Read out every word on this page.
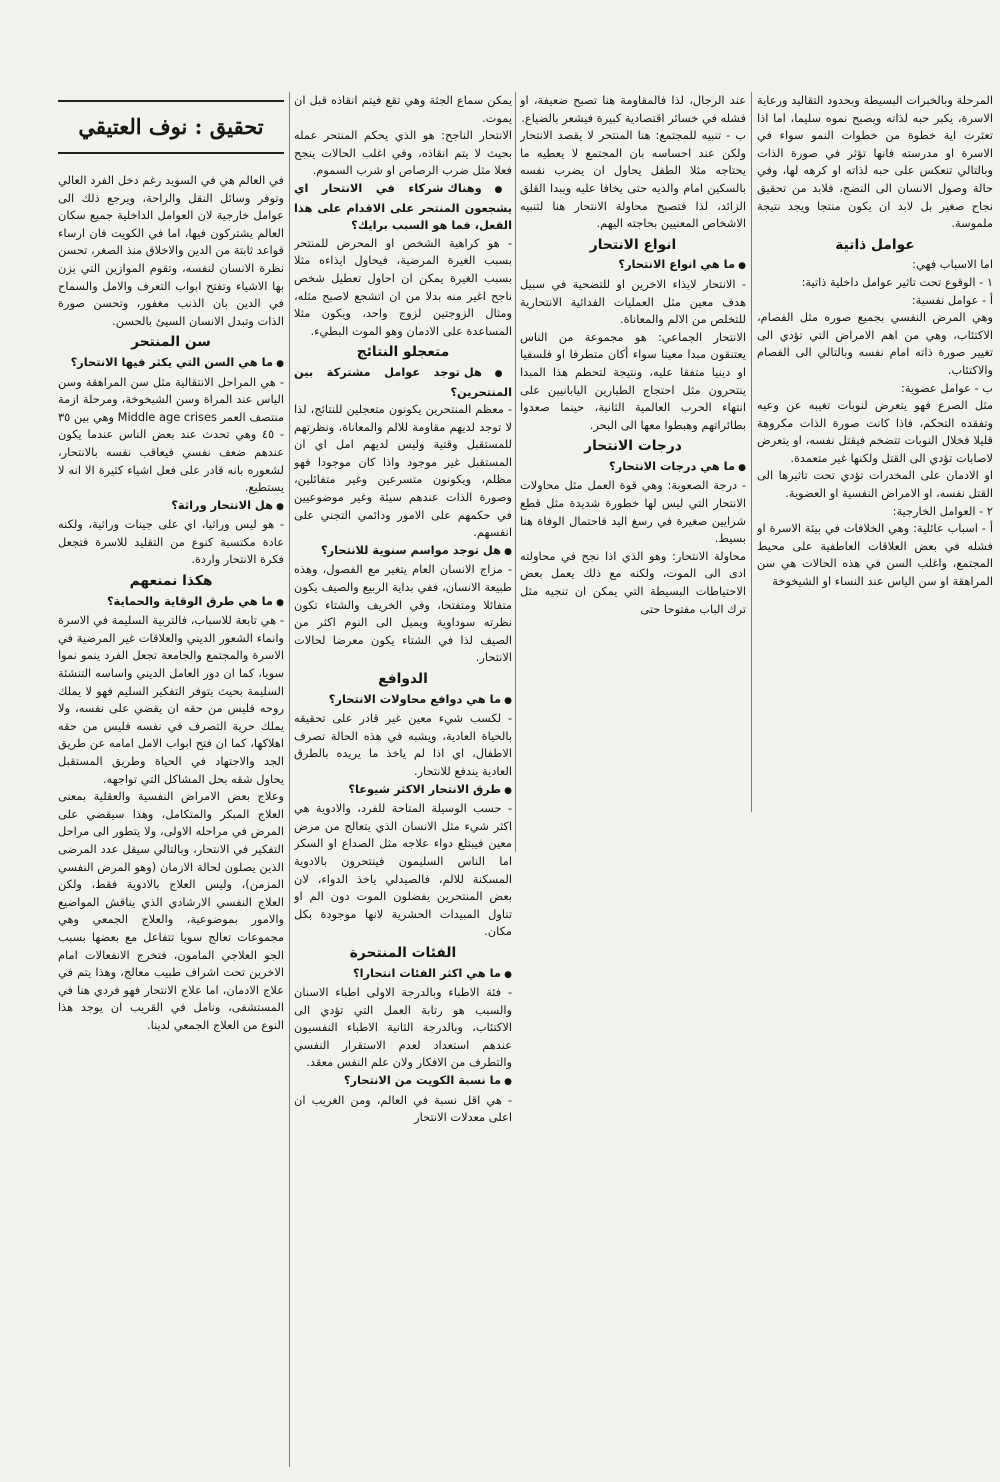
المرحلة وبالخبرات البسيطة وبحدود التقاليد ورعاية الاسرة، يكبر حبه لذاته ويصبح نموه سليما، اما اذا تعثرت اية خطوة من خطوات النمو سواء في الاسرة او مدرسته فانها تؤثر في صورة الذات وبالتالي تنعكس على حبه لذاته او كرهه لها، وفي حالة وصول الانسان الى النضج، فلابد من تحقيق نجاح صغير بل لابد ان يكون منتجا ويجد نتيجة ملموسة.

عوامل ذاتية

اما الاسباب فهي:

١ - الوقوع تحت تاثير عوامل داخلية ذاتية:

أ - عوامل نفسية:

وهي المرض النفسي بجميع صوره مثل الفصام، الاكتئاب، وهي من اهم الامراض التي تؤدي الى تغيير صورة ذاته امام نفسه وبالتالي الى الفصام والاكتئاب.

ب - عوامل عضوية:

مثل الصرع فهو يتعرض لنوبات تغيبه عن وعيه وتفقده التحكم، فاذا كانت صورة الذات مكروهة قليلا فخلال النوبات تتضخم فيقتل نفسه، او يتعرض لاصابات تؤدي الى القتل ولكنها غير متعمدة.

او الادمان على المخدرات تؤدي تحت تاثيرها الى القتل نفسه، او الامراض النفسية او العضوية.

٢ - العوامل الخارجية:

أ - اسباب عائلية: وهي الخلافات في بيئة الاسرة او فشله في بعض العلاقات العاطفية على محيط المجتمع، واغلب السن في هذه الحالات هي سن المراهقة او سن الياس عند النساء او الشيخوخة

عند الرجال، لذا فالمقاومة هنا تصبح ضعيفة، او فشله في خسائر اقتصادية كبيرة فيشعر بالضياع.

ب - تنبيه للمجتمع: هنا المنتحر لا يقصد الانتحار ولكن عند احساسه بان المجتمع لا يعطيه ما يحتاجه مثلا الطفل يحاول ان يضرب نفسه بالسكين امام والديه حتى يخافا عليه ويبدا القلق الزائد، لذا فتصبح محاولة الانتحار هنا لتنبيه الاشخاص المعنيين بحاجته اليهم.

انواع الانتحار

● ما هي انواع الانتحار؟

- الانتحار لايذاء الاخرين او للتضحية في سبيل هدف معين مثل العمليات الفدائية الانتحارية للتخلص من الالم والمعاناة.

الانتحار الجماعي: هو مجموعة من الناس يعتنقون مبدا معينا سواء أكان متطرفا او فلسفيا او دينيا متفقا عليه، ونتيجة لتحطم هذا المبدا ينتحرون مثل احتجاج الطيارين اليابانيين على انتهاء الحرب العالمية الثانية، حينما صعدوا بطائراتهم وهبطوا معها الى البحر.

درجات الانتحار

● ما هي درجات الانتحار؟

- درجة الصعوبة: وهي قوة العمل مثل محاولات الانتحار التي ليس لها خطورة شديدة مثل قطع شرايين صغيرة في رسغ اليد فاحتمال الوفاة هنا بسيط.

محاولة الانتحار: وهو الذي اذا نجح في محاولته ادى الى الموت، ولكنه مع ذلك يعمل بعض الاحتياطات البسيطة التي يمكن ان تنجيه مثل ترك الباب مفتوحا حتى

يمكن سماع الجثة وهي تقع فيتم انقاذه قبل ان يموت.

الانتحار الناجح: هو الذي يحكم المنتحر عمله بحيث لا يتم انقاذه، وفي اغلب الحالات ينجح فعلا مثل ضرب الرصاص او شرب السموم.

● وهناك شركاء في الانتحار اي يشجعون المنتحر على الاقدام على هذا الفعل، فما هو السبب برايك؟

- هو كراهية الشخص او المحرض للمنتحر بسبب الغيرة المرضية، فيحاول ايذاءه مثلا بسبب الغيرة يمكن ان احاول تعطيل شخص ناجح اغير منه بدلا من ان اتشجع لاصبح مثله، ومثال الزوجتين لزوج واحد، ويكون مثلا المساعدة على الادمان وهو الموت البطيء.

متعجلو النتائج

● هل توجد عوامل مشتركة بين المنتحرين؟

- معظم المنتحرين يكونون متعجلين للنتائج، لذا لا توجد لديهم مقاومة للالم والمعاناة، ونظرتهم للمستقبل وقتية وليس لديهم امل اي ان المستقبل غير موجود واذا كان موجودا فهو مظلم، ويكونون متسرعين وغير متفائلين، وصورة الذات عندهم سيئة وغير موضوعيين في حكمهم على الامور ودائمي التجني على انفسهم.

● هل توجد مواسم سنوية للانتحار؟

- مزاج الانسان العام يتغير مع الفصول، وهذه طبيعة الانسان، ففي بداية الربيع والصيف يكون متفائلا ومتفتحا، وفي الخريف والشتاء تكون نظرته سوداوية ويميل الى النوم اكثر من الصيف لذا في الشتاء يكون معرضا لحالات الانتحار.

الدوافع

● ما هي دوافع محاولات الانتحار؟

- لكسب شيء معين غير قادر على تحقيقه بالحياة العادية، ويشبه في هذه الحالة تصرف الاطفال، اي اذا لم ياخذ ما يريده بالطرق العادية يندفع للانتحار.

● طرق الانتحار الاكثر شيوعا؟

- حسب الوسيلة المتاحة للفرد، والادوية هي اكثر شيء مثل الانسان الذي يتعالج من مرض معين فيبتلع دواء علاجه مثل الصداع او السكر اما الناس السليمون فينتحرون بالادوية المسكنة للالم، فالصيدلي ياخذ الدواء، لان بعض المنتحرين يفضلون الموت دون الم او تناول المبيدات الحشرية لانها موجودة بكل مكان.

الفئات المنتحرة

● ما هي اكثر الفئات انتحارا؟

- فئة الاطباء وبالدرجة الاولى اطباء الاسنان والسبب هو رتابة العمل التي تؤدي الى الاكتئاب، وبالدرجة الثانية الاطباء النفسيون عندهم استعداد لعدم الاستقرار النفسي والتطرف من الافكار ولان علم النفس معقد.

● ما نسبة الكويت من الانتحار؟

- هي اقل نسبة في العالم، ومن الغريب ان اعلى معدلات الانتحار

تحقيق : نوف العتيقي

في العالم هي في السويد رغم دخل الفرد العالي وتوفر وسائل النقل والراحة، ويرجع ذلك الى عوامل خارجية لان العوامل الداخلية جميع سكان العالم يشتركون فيها، اما في الكويت فان ارساء قواعد ثابتة من الدين والاخلاق منذ الصغر، تحسن نظرة الانسان لنفسه، وتقوم الموازين التي يزن بها الاشياء وتفتح ابواب التعرف والامل والسماح في الدين بان الذنب مغفور، وتحسن صورة الذات وتبدل الانسان السيئ بالحسن.

سن المنتحر

● ما هي السن التي يكثر فيها الانتحار؟

- هي المراحل الانتقالية مثل سن المراهقة وسن الياس عند المراة وسن الشيخوخة، ومرحلة ازمة منتصف العمر Middle age crises وهي بين ٣٥ - ٤٥ وهي تحدث عند بعض الناس عندما يكون عندهم ضعف نفسي فيعاقب نفسه بالانتحار، لشعوره بانه قادر على فعل اشياء كثيرة الا انه لا يستطيع.

● هل الانتحار وراثة؟

- هو ليس وراثيا، اي على جينات وراثية، ولكنه عادة مكتسبة كنوع من التقليد للاسرة فتجعل فكرة الانتحار واردة.

هكذا نمنعهم

● ما هي طرق الوقاية والحماية؟

- هي تابعة للاسباب، فالتربية السليمة في الاسرة وانماء الشعور الديني والعلاقات غير المرضية في الاسرة والمجتمع والجامعة تجعل الفرد ينمو نموا سويا، كما ان دور العامل الديني واساسه التنشئة السليمة بحيث يتوفر التفكير السليم فهو لا يملك روحه فليس من حقه ان يقضي على نفسه، ولا يملك حرية التصرف في نفسه فليس من حقه اهلاكها، كما ان فتح ابواب الامل امامه عن طريق الجد والاجتهاد في الحياة وطريق المستقبل يحاول شقه بحل المشاكل التي تواجهه.

وعلاج بعض الامراض النفسية والعقلية بمعنى العلاج المبكر والمتكامل، وهذا سيقضي على المرض في مراحله الاولى، ولا يتطور الى مراحل التفكير في الانتحار، وبالتالي سيقل عدد المرضى الذين يصلون لحالة الازمان (وهو المرض النفسي المزمن)، وليس العلاج بالادوية فقط، ولكن العلاج النفسي الارشادي الذي يناقش المواضيع والامور بموضوعية، والعلاج الجمعي وهي مجموعات تعالج سويا تتفاعل مع بعضها بسبب الجو العلاجي المامون، فتخرج الانفعالات امام الاخرين تحت اشراف طبيب معالج، وهذا يتم في علاج الادمان، اما علاج الانتحار فهو فردي هنا في المستشفى، ونامل في القريب ان يوجد هذا النوع من العلاج الجمعي لدينا.
